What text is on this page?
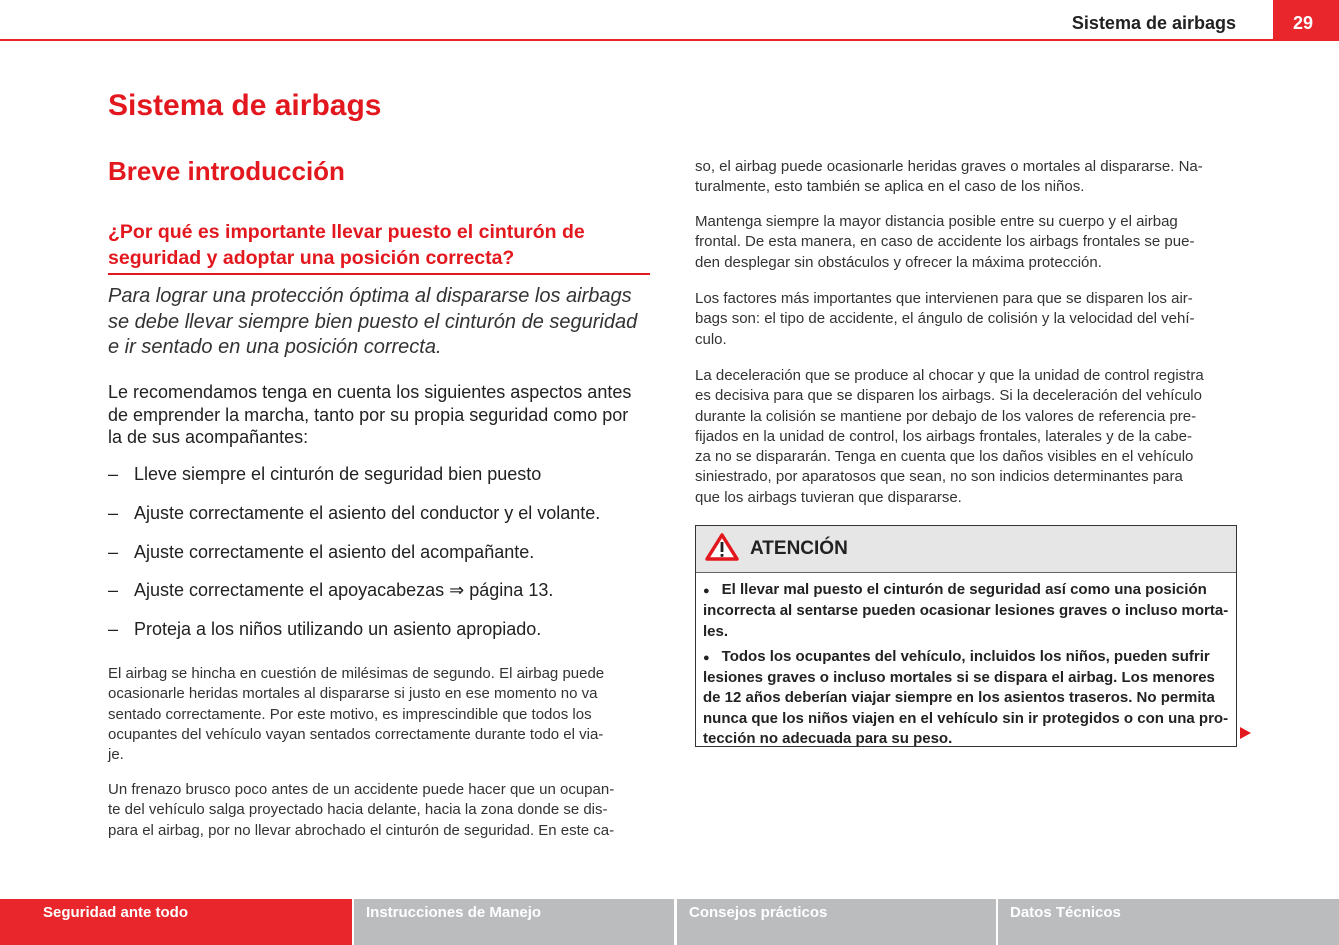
Sistema de airbags	29
Sistema de airbags
Breve introducción
¿Por qué es importante llevar puesto el cinturón de
seguridad y adoptar una posición correcta?
Para lograr una protección óptima al dispararse los airbags
se debe llevar siempre bien puesto el cinturón de seguridad
e ir sentado en una posición correcta.
Le recomendamos tenga en cuenta los siguientes aspectos antes
de emprender la marcha, tanto por su propia seguridad como por
la de sus acompañantes:
– Lleve siempre el cinturón de seguridad bien puesto
– Ajuste correctamente el asiento del conductor y el volante.
– Ajuste correctamente el asiento del acompañante.
– Ajuste correctamente el apoyacabezas ⇒ página 13.
– Proteja a los niños utilizando un asiento apropiado.
El airbag se hincha en cuestión de milésimas de segundo. El airbag puede
ocasionarle heridas mortales al dispararse si justo en ese momento no va
sentado correctamente. Por este motivo, es imprescindible que todos los
ocupantes del vehículo vayan sentados correctamente durante todo el via-
je.
Un frenazo brusco poco antes de un accidente puede hacer que un ocupan-
te del vehículo salga proyectado hacia delante, hacia la zona donde se dis-
para el airbag, por no llevar abrochado el cinturón de seguridad. En este ca-
so, el airbag puede ocasionarle heridas graves o mortales al dispararse. Na-
turalmente, esto también se aplica en el caso de los niños.
Mantenga siempre la mayor distancia posible entre su cuerpo y el airbag
frontal. De esta manera, en caso de accidente los airbags frontales se pue-
den desplegar sin obstáculos y ofrecer la máxima protección.
Los factores más importantes que intervienen para que se disparen los air-
bags son: el tipo de accidente, el ángulo de colisión y la velocidad del vehí-
culo.
La deceleración que se produce al chocar y que la unidad de control registra
es decisiva para que se disparen los airbags. Si la deceleración del vehículo
durante la colisión se mantiene por debajo de los valores de referencia pre-
fijados en la unidad de control, los airbags frontales, laterales y de la cabe-
za no se dispararán. Tenga en cuenta que los daños visibles en el vehículo
siniestrado, por aparatosos que sean, no son indicios determinantes para
que los airbags tuvieran que dispararse.
ATENCIÓN
● El llevar mal puesto el cinturón de seguridad así como una posición
incorrecta al sentarse pueden ocasionar lesiones graves o incluso morta-
les.
● Todos los ocupantes del vehículo, incluidos los niños, pueden sufrir
lesiones graves o incluso mortales si se dispara el airbag. Los menores
de 12 años deberían viajar siempre en los asientos traseros. No permita
nunca que los niños viajen en el vehículo sin ir protegidos o con una pro-
tección no adecuada para su peso.
Seguridad ante todo	Instrucciones de Manejo	Consejos prácticos	Datos Técnicos
